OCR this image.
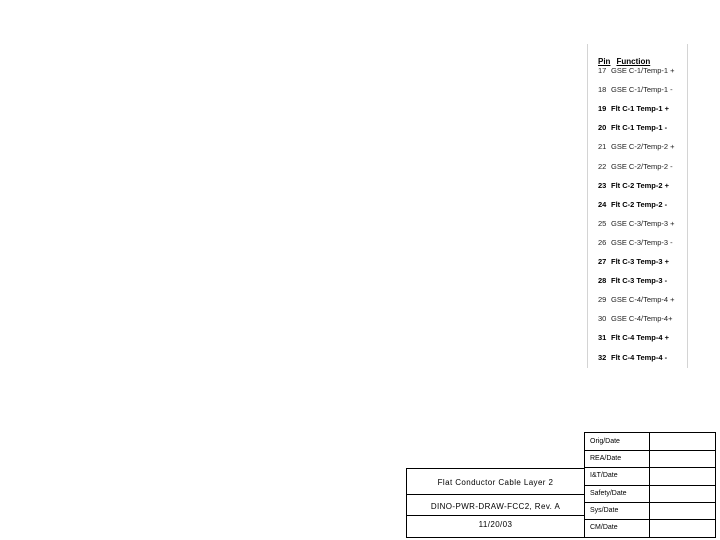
Pin Function
17 GSE C-1/Temp-1 +
18 GSE C-1/Temp-1 -
19 Flt C-1 Temp-1 +
20 Flt C-1 Temp-1 -
21 GSE C-2/Temp-2 +
22 GSE C-2/Temp-2 -
23 Flt C-2 Temp-2 +
24 Flt C-2 Temp-2 -
25 GSE C-3/Temp-3 +
26 GSE C-3/Temp-3 -
27 Flt C-3 Temp-3 +
28 Flt C-3 Temp-3 -
29 GSE C-4/Temp-4 +
30 GSE C-4/Temp-4+
31 Flt C-4 Temp-4 +
32 Flt C-4 Temp-4 -
Flat Conductor Cable Layer 2
DINO-PWR-DRAW-FCC2, Rev. A
11/20/03
Orig/Date
REA/Date
I&T/Date
Safety/Date
Sys/Date
CM/Date
